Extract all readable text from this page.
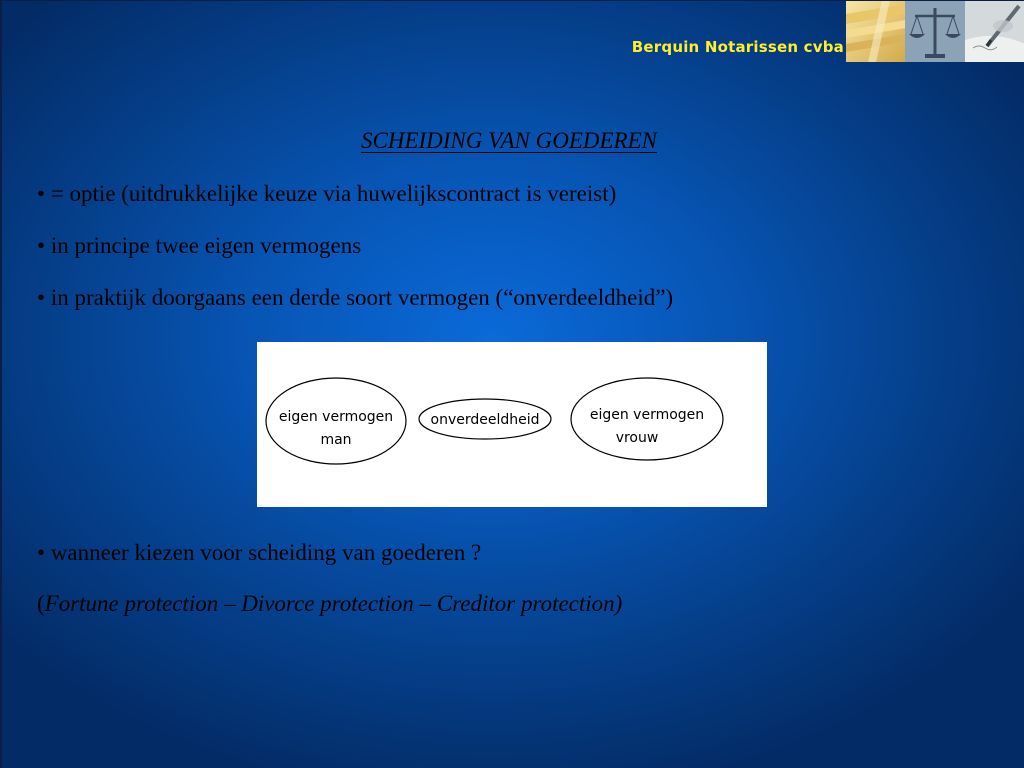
Berquin Notarissen cvba
SCHEIDING VAN GOEDEREN
• = optie (uitdrukkelijke keuze via huwelijkscontract is vereist)
• in principe twee eigen vermogens
• in praktijk doorgaans een derde soort vermogen (“onverdeeldheid”)
eigen vermogen
man
onverdeeldheid	eigen vermogen
vrouw
• wanneer kiezen voor scheiding van goederen ?
(Fortune protection – Divorce protection – Creditor protection)
